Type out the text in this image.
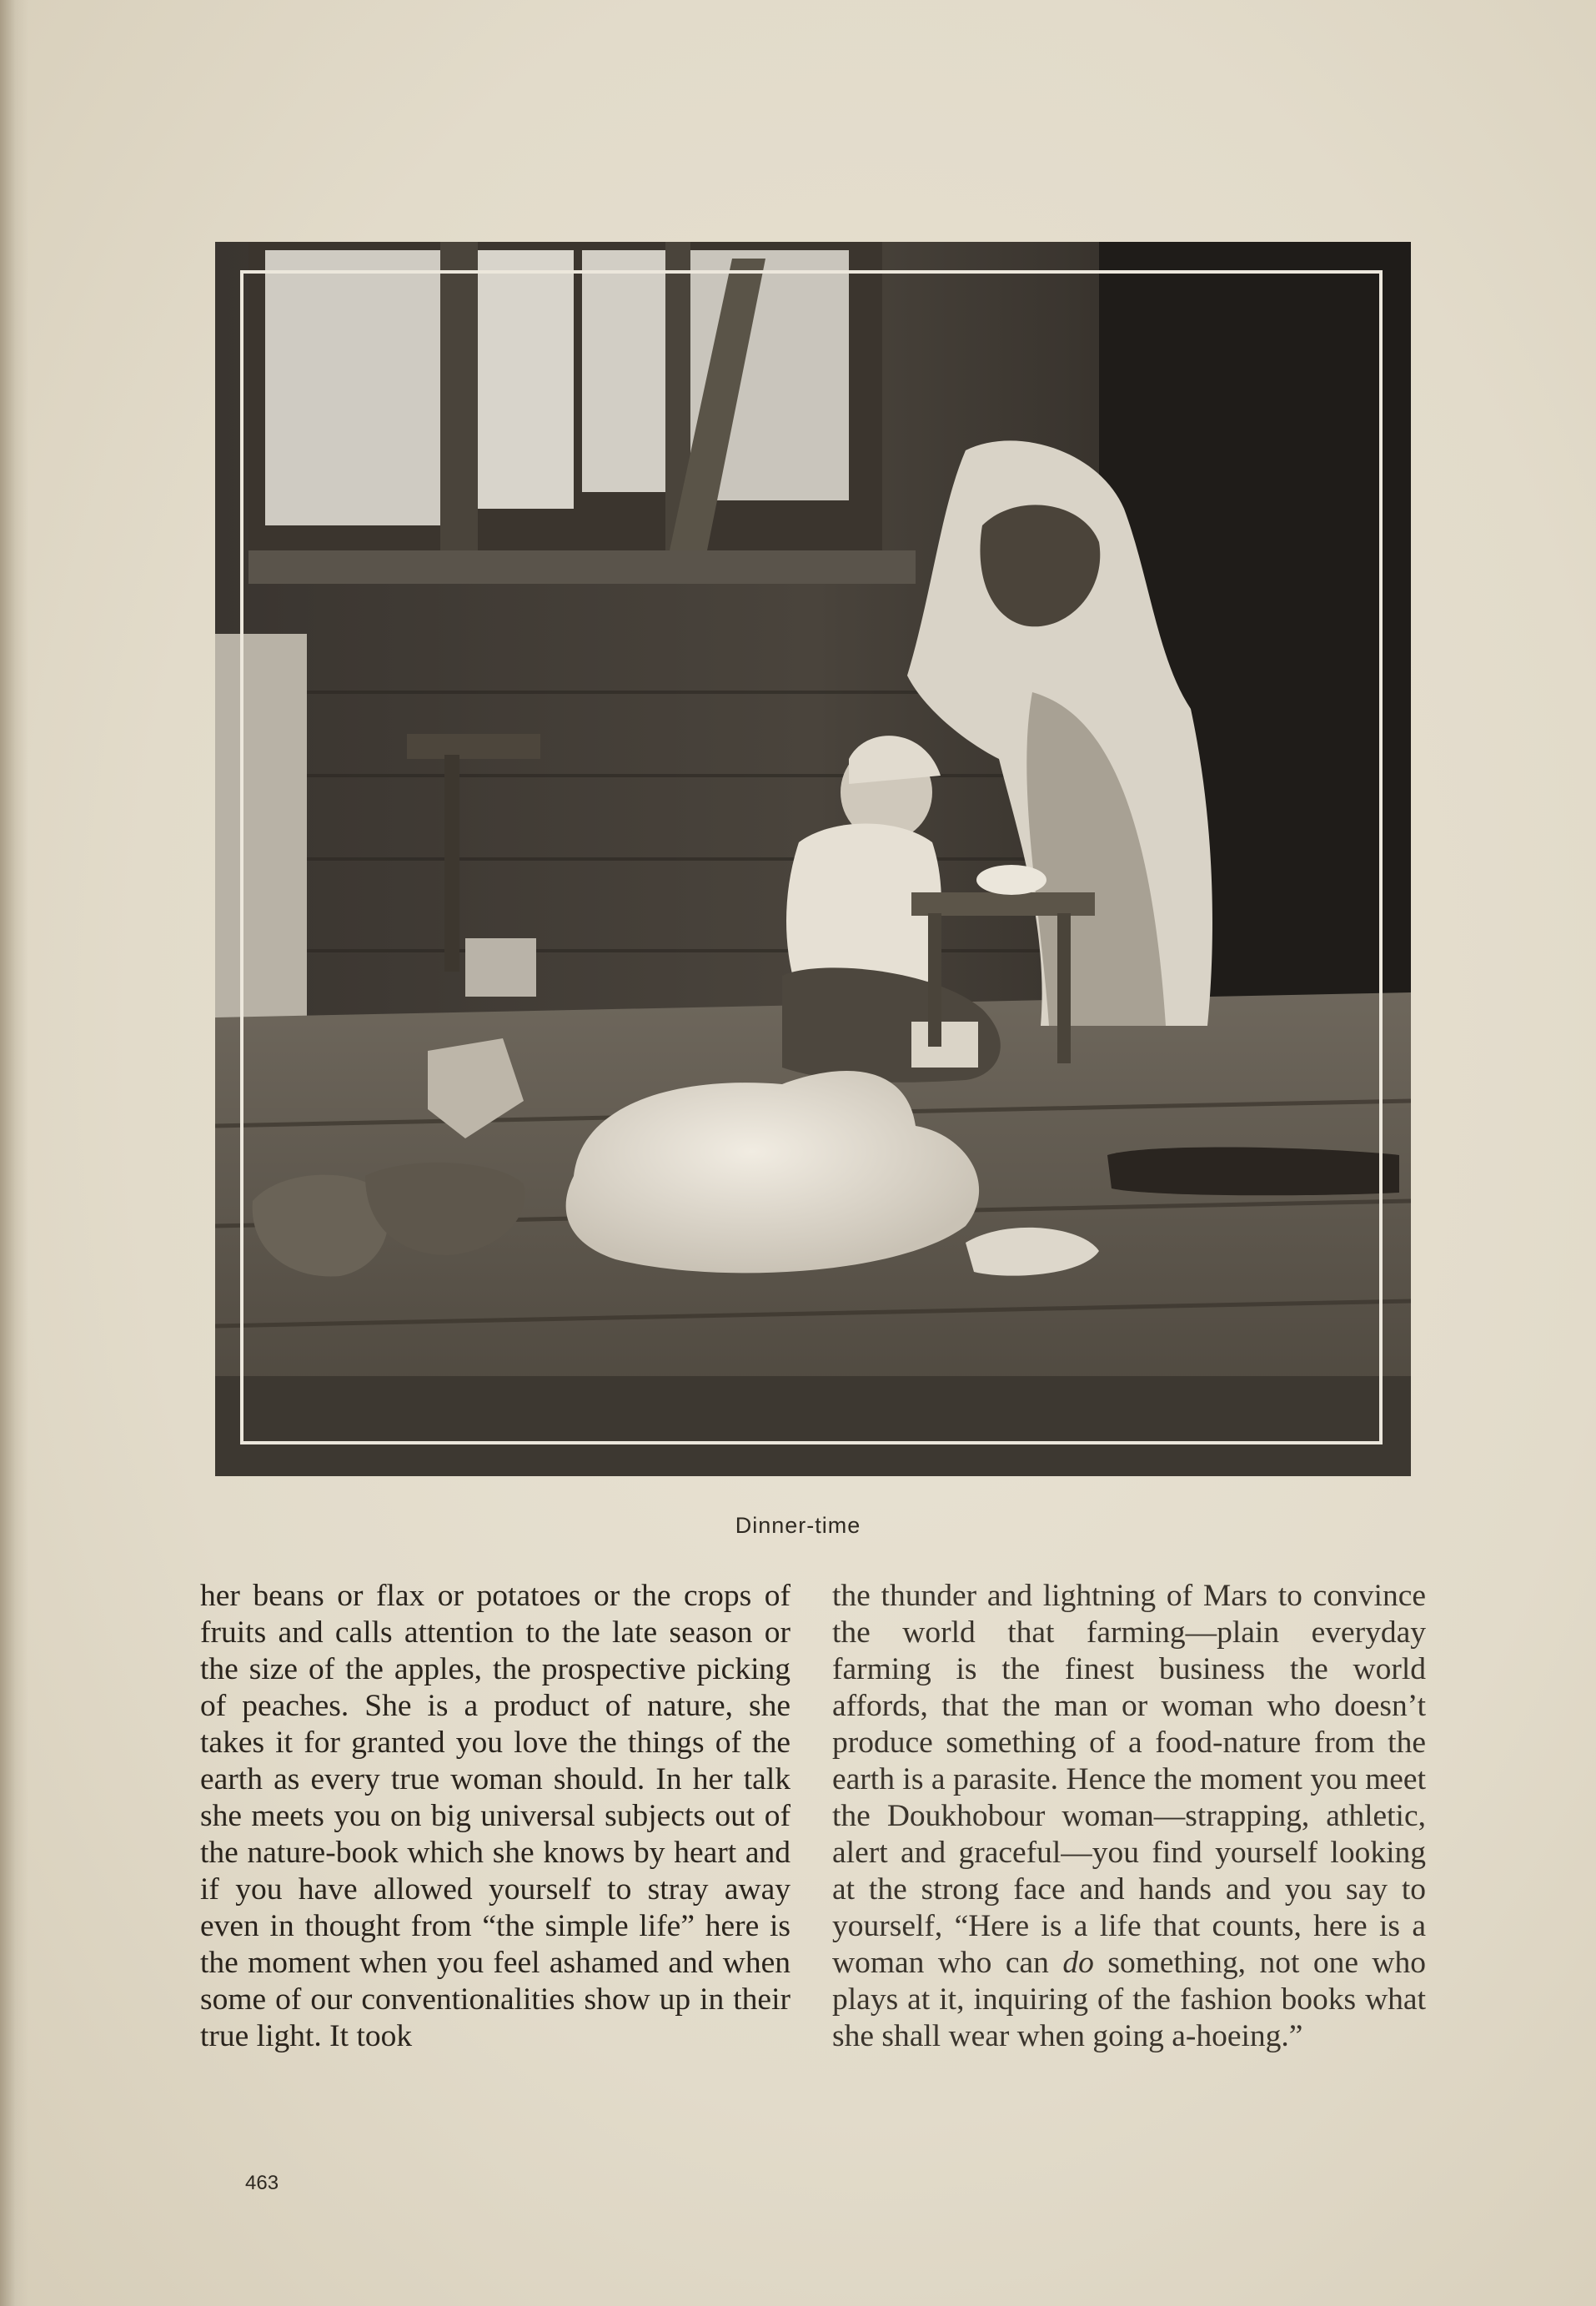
Dinner-time

her beans or flax or potatoes or the crops of fruits and calls attention to the late season or the size of the apples, the prospective picking of peaches. She is a product of nature, she takes it for granted you love the things of the earth as every true woman should. In her talk she meets you on big universal subjects out of the nature-book which she knows by heart and if you have allowed yourself to stray away even in thought from “the simple life” here is the moment when you feel ashamed and when some of our conventionalities show up in their true light. It took

the thunder and lightning of Mars to convince the world that farming—plain everyday farming is the finest business the world affords, that the man or woman who doesn’t produce something of a food-nature from the earth is a parasite. Hence the moment you meet the Doukhobour woman—strapping, athletic, alert and graceful—you find yourself looking at the strong face and hands and you say to yourself, “Here is a life that counts, here is a woman who can do something, not one who plays at it, inquiring of the fashion books what she shall wear when going a-hoeing.”

463
